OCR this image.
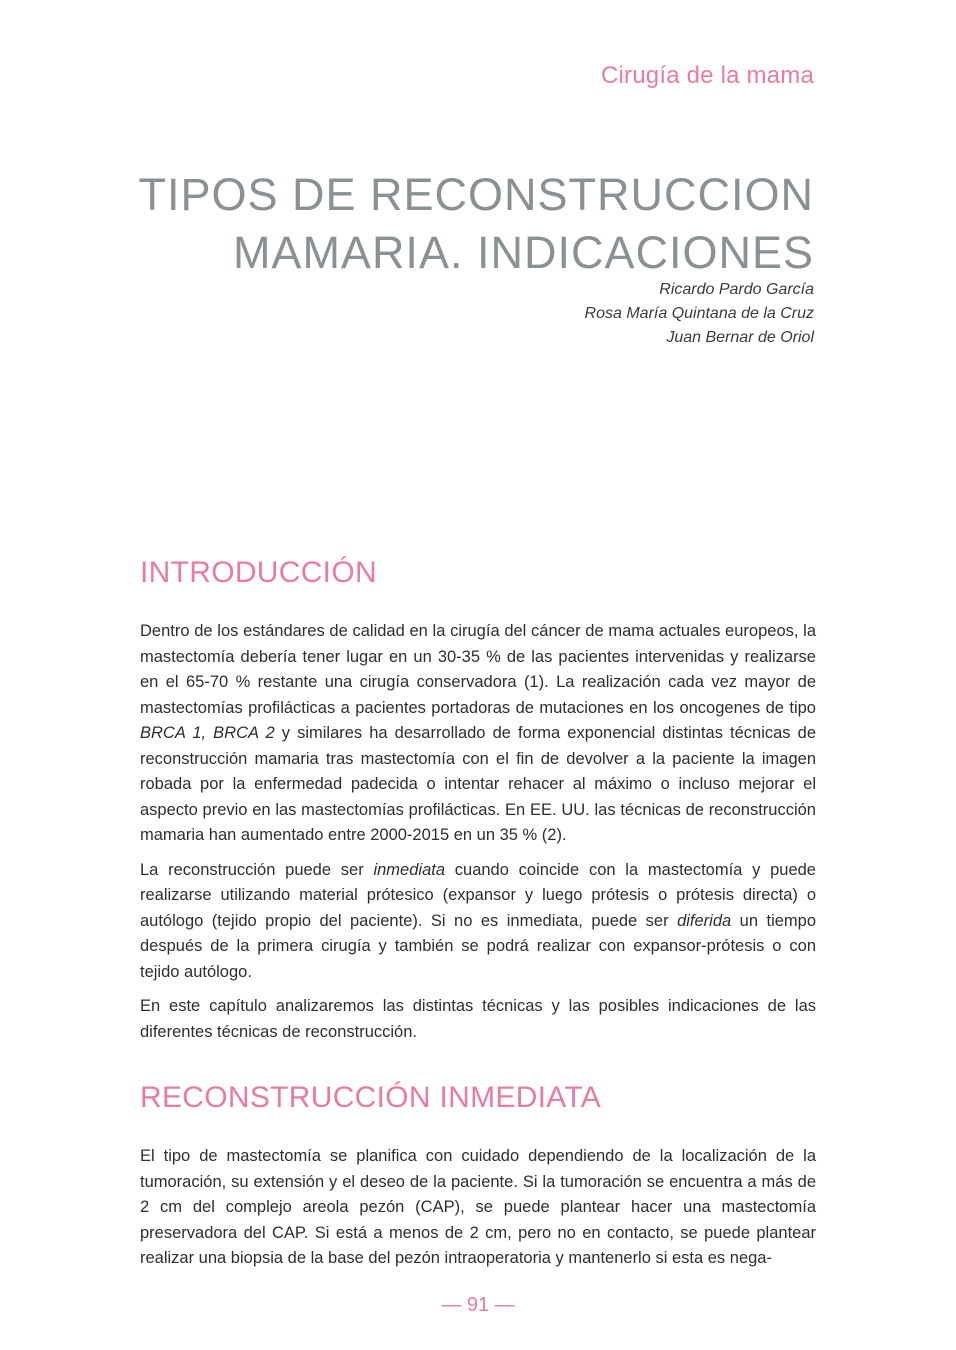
Cirugía de la mama
TIPOS DE RECONSTRUCCION
MAMARIA. INDICACIONES
Ricardo Pardo García
Rosa María Quintana de la Cruz
Juan Bernar de Oriol
INTRODUCCIÓN

Dentro de los estándares de calidad en la cirugía del cáncer de mama actuales europeos, la mastectomía debería tener lugar en un 30-35 % de las pacientes intervenidas y realizarse en el 65-70 % restante una cirugía conservadora (1). La realización cada vez mayor de mastectomías profilácticas a pacientes portadoras de mutaciones en los oncogenes de tipo BRCA 1, BRCA 2 y similares ha desarrollado de forma exponencial distintas técnicas de reconstrucción mamaria tras mastectomía con el fin de devolver a la paciente la imagen robada por la enfermedad padecida o intentar rehacer al máximo o incluso mejorar el aspecto previo en las mastectomías profilácticas. En EE. UU. las técnicas de reconstrucción mamaria han aumentado entre 2000-2015 en un 35 % (2).

La reconstrucción puede ser inmediata cuando coincide con la mastectomía y puede realizarse utilizando material prótesico (expansor y luego prótesis o prótesis directa) o autólogo (tejido propio del paciente). Si no es inmediata, puede ser diferida un tiempo después de la primera cirugía y también se podrá realizar con expansor-prótesis o con tejido autólogo.

En este capítulo analizaremos las distintas técnicas y las posibles indicaciones de las diferentes técnicas de reconstrucción.

RECONSTRUCCIÓN INMEDIATA

El tipo de mastectomía se planifica con cuidado dependiendo de la localización de la tumoración, su extensión y el deseo de la paciente. Si la tumoración se encuentra a más de 2 cm del complejo areola pezón (CAP), se puede plantear hacer una mastectomía preservadora del CAP. Si está a menos de 2 cm, pero no en contacto, se puede plantear realizar una biopsia de la base del pezón intraoperatoria y mantenerlo si esta es nega-

— 91 —
